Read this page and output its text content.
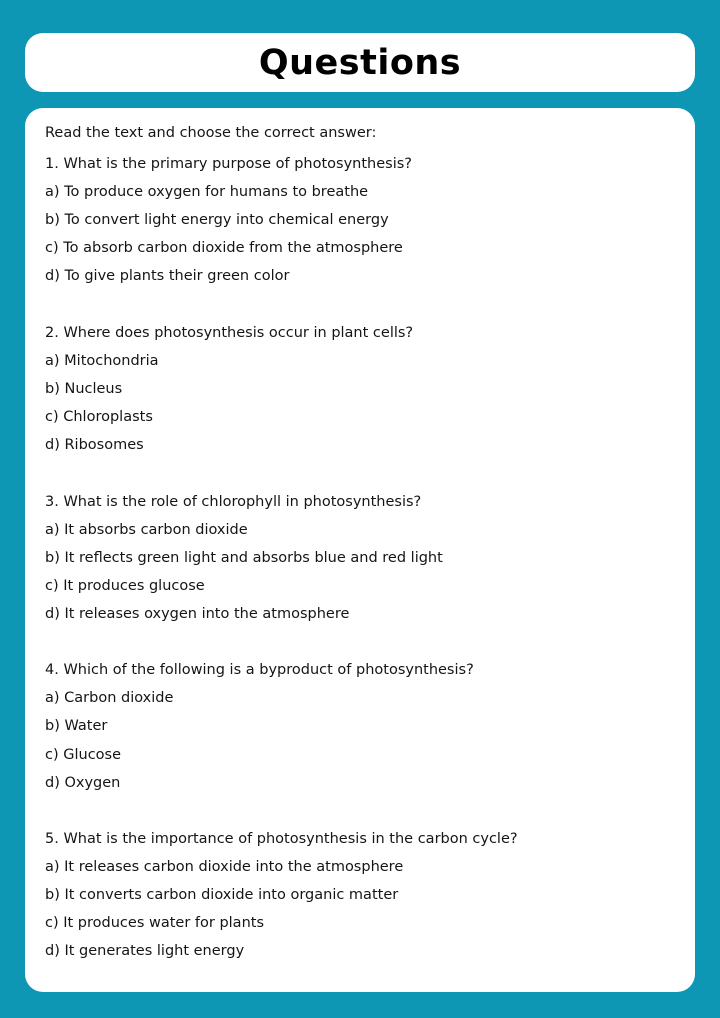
Questions
Read the text and choose the correct answer:
1. What is the primary purpose of photosynthesis?
a) To produce oxygen for humans to breathe
b) To convert light energy into chemical energy
c) To absorb carbon dioxide from the atmosphere
d) To give plants their green color
2. Where does photosynthesis occur in plant cells?
a) Mitochondria
b) Nucleus
c) Chloroplasts
d) Ribosomes
3. What is the role of chlorophyll in photosynthesis?
a) It absorbs carbon dioxide
b) It reflects green light and absorbs blue and red light
c) It produces glucose
d) It releases oxygen into the atmosphere
4. Which of the following is a byproduct of photosynthesis?
a) Carbon dioxide
b) Water
c) Glucose
d) Oxygen
5. What is the importance of photosynthesis in the carbon cycle?
a) It releases carbon dioxide into the atmosphere
b) It converts carbon dioxide into organic matter
c) It produces water for plants
d) It generates light energy
